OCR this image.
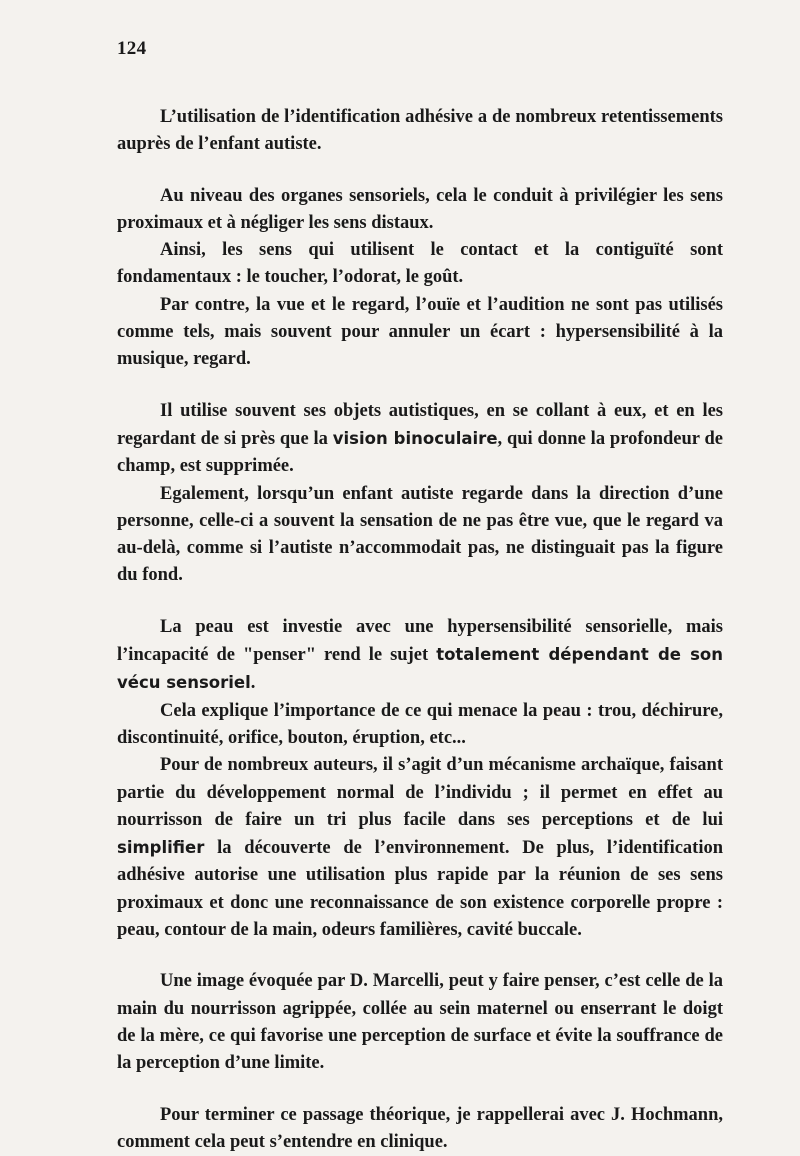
124

L’utilisation de l’identification adhésive a de nombreux retentissements auprès de l’enfant autiste.

Au niveau des organes sensoriels, cela le conduit à privilégier les sens proximaux et à négliger les sens distaux.

Ainsi, les sens qui utilisent le contact et la contiguïté sont fondamentaux : le toucher, l’odorat, le goût.

Par contre, la vue et le regard, l’ouïe et l’audition ne sont pas utilisés comme tels, mais souvent pour annuler un écart : hypersensibilité à la musique, regard.

Il utilise souvent ses objets autistiques, en se collant à eux, et en les regardant de si près que la vision binoculaire, qui donne la profondeur de champ, est supprimée.

Egalement, lorsqu’un enfant autiste regarde dans la direction d’une personne, celle-ci a souvent la sensation de ne pas être vue, que le regard va au-delà, comme si l’autiste n’accommodait pas, ne distinguait pas la figure du fond.

La peau est investie avec une hypersensibilité sensorielle, mais l’incapacité de "penser" rend le sujet totalement dépendant de son vécu sensoriel.

Cela explique l’importance de ce qui menace la peau : trou, déchirure, discontinuité, orifice, bouton, éruption, etc...

Pour de nombreux auteurs, il s’agit d’un mécanisme archaïque, faisant partie du développement normal de l’individu ; il permet en effet au nourrisson de faire un tri plus facile dans ses perceptions et de lui simplifier la découverte de l’environnement. De plus, l’identification adhésive autorise une utilisation plus rapide par la réunion de ses sens proximaux et donc une reconnaissance de son existence corporelle propre : peau, contour de la main, odeurs familières, cavité buccale.

Une image évoquée par D. Marcelli, peut y faire penser, c’est celle de la main du nourrisson agrippée, collée au sein maternel ou enserrant le doigt de la mère, ce qui favorise une perception de surface et évite la souffrance de la perception d’une limite.

Pour terminer ce passage théorique, je rappellerai avec J. Hochmann, comment cela peut s’entendre en clinique.
